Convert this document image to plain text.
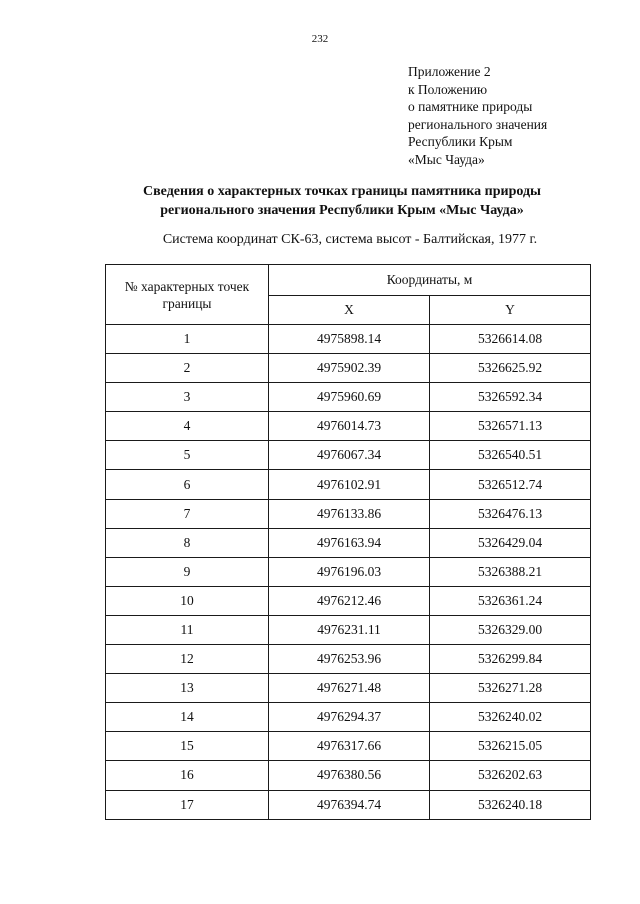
232
Приложение 2
к Положению
о памятнике природы
регионального значения
Республики Крым
«Мыс Чауда»
Сведения о характерных точках границы памятника природы
регионального значения Республики Крым «Мыс Чауда»
Система координат СК-63, система высот - Балтийская, 1977 г.
№ характерных точек границы	Координаты, м	
	X	Y
1	4975898.14	5326614.08
2	4975902.39	5326625.92
3	4975960.69	5326592.34
4	4976014.73	5326571.13
5	4976067.34	5326540.51
6	4976102.91	5326512.74
7	4976133.86	5326476.13
8	4976163.94	5326429.04
9	4976196.03	5326388.21
10	4976212.46	5326361.24
11	4976231.11	5326329.00
12	4976253.96	5326299.84
13	4976271.48	5326271.28
14	4976294.37	5326240.02
15	4976317.66	5326215.05
16	4976380.56	5326202.63
17	4976394.74	5326240.18
